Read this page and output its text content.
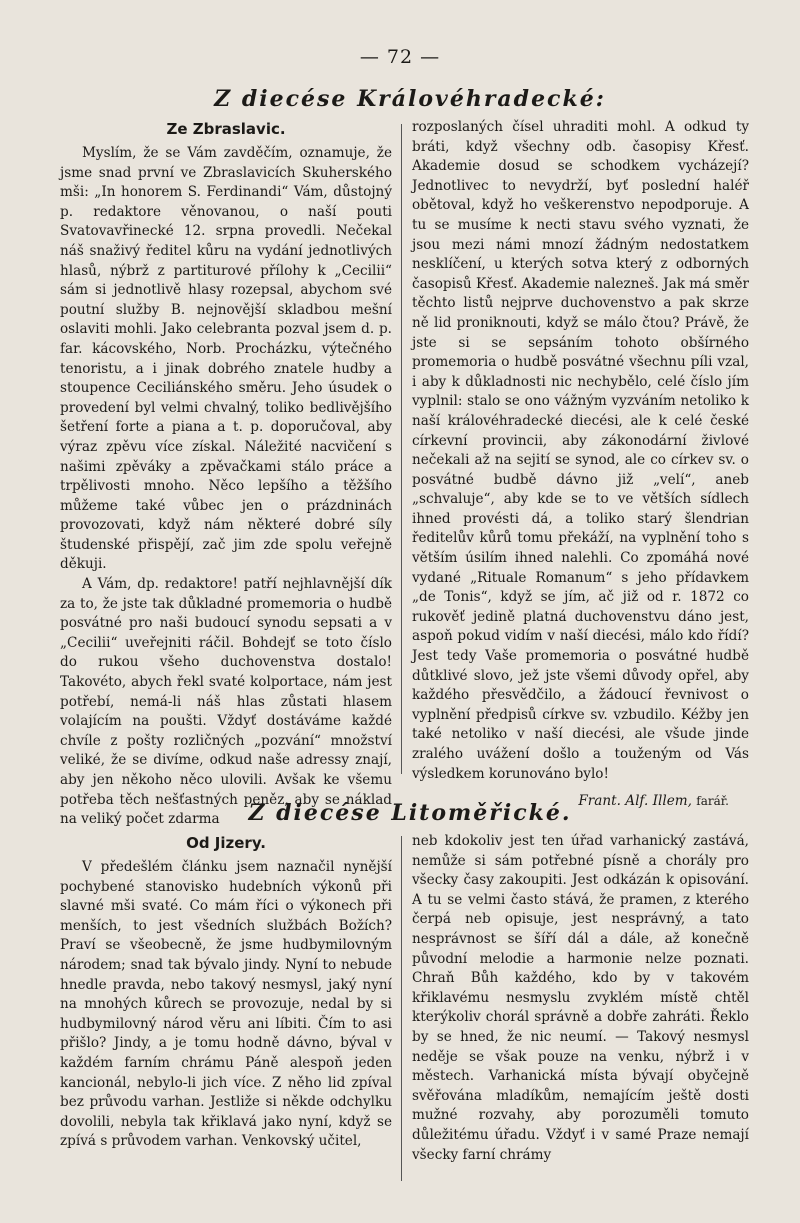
— 72 —
Z diecése Královéhradecké:
Ze Zbraslavic.

Myslím, že se Vám zavděčím, oznamuje, že jsme snad první ve Zbraslavicích Skuherského mši: „In honorem S. Ferdinandi“ Vám, důstojný p. redaktore věnovanou, o naší pouti Svatovavřinecké 12. srpna provedli. Nečekal náš snaživý ředitel kůru na vydání jednotlivých hlasů, nýbrž z partiturové přílohy k „Cecilii“ sám si jednotlivě hlasy rozepsal, abychom své poutní služby B. nejnovější skladbou mešní oslaviti mohli. Jako celebranta pozval jsem d. p. far. kácovského, Norb. Procházku, výtečného tenoristu, a i jinak dobrého znatele hudby a stoupence Ceciliánského směru. Jeho úsudek o provedení byl velmi chvalný, toliko bedlivějšího šetření forte a piana a t. p. doporučoval, aby výraz zpěvu více získal. Náležité nacvičení s našimi zpěváky a zpěvačkami stálo práce a trpělivosti mnoho. Něco lepšího a těžšího můžeme také vůbec jen o prázdninách provozovati, když nám některé dobré síly študenské přispějí, zač jim zde spolu veřejně děkuji.

A Vám, dp. redaktore! patří nejhlavnější dík za to, že jste tak důkladné promemoria o hudbě posvátné pro naši budoucí synodu sepsati a v „Cecilii“ uveřejniti ráčil. Bohdejť se toto číslo do rukou všeho duchovenstva dostalo! Takovéto, abych řekl svaté kolportace, nám jest potřebí, nemá-li náš hlas zůstati hlasem volajícím na poušti. Vždyť dostáváme každé chvíle z pošty rozličných „pozvání“ množství veliké, že se divíme, odkud naše adressy znají, aby jen někoho něco ulovili. Avšak ke všemu potřeba těch nešťastných peněz, aby se náklad na veliký počet zdarma

rozposlaných čísel uhraditi mohl. A odkud ty bráti, když všechny odb. časopisy Křesť. Akademie dosud se schodkem vycházejí? Jednotlivec to nevydrží, byť poslední haléř obětoval, když ho veškerenstvo nepodporuje. A tu se musíme k necti stavu svého vyznati, že jsou mezi námi mnozí žádným nedostatkem nesklíčení, u kterých sotva který z odborných časopisů Křesť. Akademie nalezneš. Jak má směr těchto listů nejprve duchovenstvo a pak skrze ně lid proniknouti, když se málo čtou? Právě, že jste si se sepsáním tohoto obšírného promemoria o hudbě posvátné všechnu píli vzal, i aby k důkladnosti nic nechybělo, celé číslo jím vyplnil: stalo se ono vážným vyzváním netoliko k naší královéhradecké diecési, ale k celé české církevní provincii, aby zákonodární živlové nečekali až na sejití se synod, ale co církev sv. o posvátné budbě dávno již „velí“, aneb „schvaluje“, aby kde se to ve větších sídlech ihned provésti dá, a toliko starý šlendrian ředitelův kůrů tomu překáží, na vyplnění toho s větším úsilím ihned nalehli. Co zpomáhá nové vydané „Rituale Romanum“ s jeho přídavkem „de Tonis“, když se jím, ač již od r. 1872 co rukověť jedině platná duchovenstvu dáno jest, aspoň pokud vidím v naší diecési, málo kdo řídí? Jest tedy Vaše promemoria o posvátné hudbě důtklivé slovo, jež jste všemi důvody opřel, aby každého přesvědčilo, a žádoucí řevnivost o vyplnění předpisů církve sv. vzbudilo. Kéžby jen také netoliko v naší diecési, ale všude jinde zralého uvážení došlo a touženým od Vás výsledkem korunováno bylo!

Frant. Alf. Illem, farář.
Z diecése Litoměřické.
Od Jizery.

V předešlém článku jsem naznačil nynější pochybené stanovisko hudebních výkonů při slavné mši svaté. Co mám říci o výkonech při menších, to jest všedních službách Božích? Praví se všeobecně, že jsme hudbymilovným národem; snad tak bývalo jindy. Nyní to nebude hnedle pravda, nebo takový nesmysl, jaký nyní na mnohých kůrech se provozuje, nedal by si hudbymilovný národ věru ani líbiti. Čím to asi přišlo? Jindy, a je tomu hodně dávno, býval v každém farním chrámu Páně alespoň jeden kancionál, nebylo-li jich více. Z něho lid zpíval bez průvodu varhan. Jestliže si někde odchylku dovolili, nebyla tak křiklavá jako nyní, když se zpívá s průvodem varhan. Venkovský učitel,

neb kdokoliv jest ten úřad varhanický zastává, nemůže si sám potřebné písně a chorály pro všecky časy zakoupiti. Jest odkázán k opisování. A tu se velmi často stává, že pramen, z kterého čerpá neb opisuje, jest nesprávný, a tato nesprávnost se šíří dál a dále, až konečně původní melodie a harmonie nelze poznati. Chraň Bůh každého, kdo by v takovém křiklavému nesmyslu zvyklém místě chtěl kterýkoliv chorál správně a dobře zahráti. Řeklo by se hned, že nic neumí. — Takový nesmysl neděje se však pouze na venku, nýbrž i v městech. Varhanická místa bývají obyčejně svěřována mladíkům, nemajícím ještě dosti mužné rozvahy, aby porozuměli tomuto důležitému úřadu. Vždyť i v samé Praze nemají všecky farní chrámy
